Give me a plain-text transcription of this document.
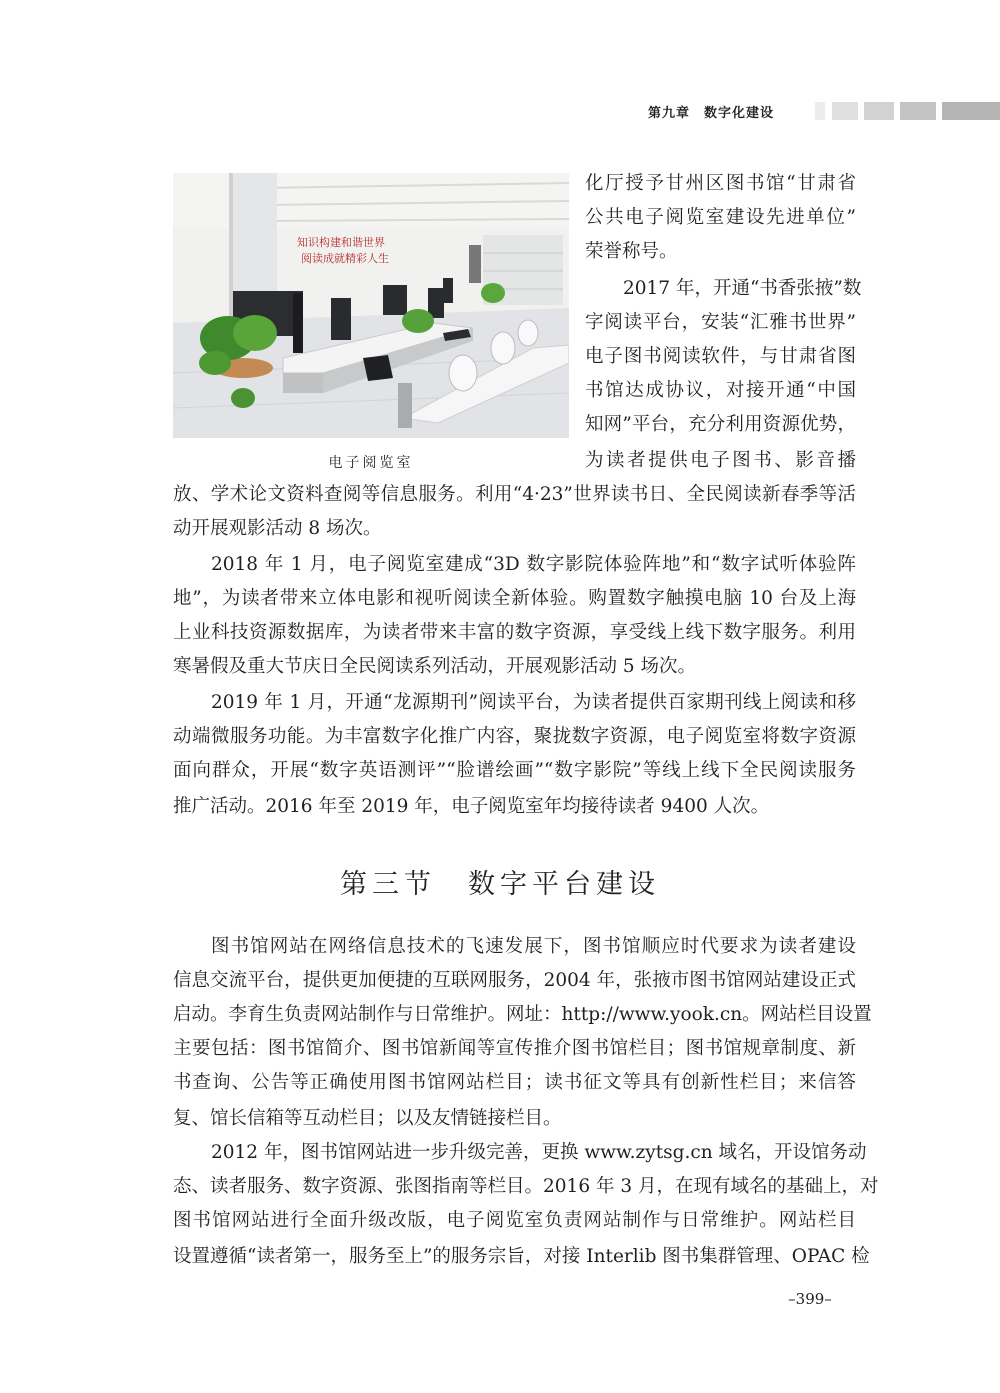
第九章　数字化建设
知识构建和谐世界
阅读成就精彩人生
电子阅览室
化厅授予甘州区图书馆“甘肃省
公共电子阅览室建设先进单位”
荣誉称号。
2017 年，开通“书香张掖”数
字阅读平台，安装“汇雅书世界”
电子图书阅读软件，与甘肃省图
书馆达成协议，对接开通“中国
知网”平台，充分利用资源优势，
为读者提供电子图书、影音播
放、学术论文资料查阅等信息服务。利用“4·23”世界读书日、全民阅读新春季等活
动开展观影活动 8 场次。
2018 年 1 月，电子阅览室建成“3D 数字影院体验阵地”和“数字试听体验阵
地”，为读者带来立体电影和视听阅读全新体验。购置数字触摸电脑 10 台及上海
上业科技资源数据库，为读者带来丰富的数字资源，享受线上线下数字服务。利用
寒暑假及重大节庆日全民阅读系列活动，开展观影活动 5 场次。
2019 年 1 月，开通“龙源期刊”阅读平台，为读者提供百家期刊线上阅读和移
动端微服务功能。为丰富数字化推广内容，聚拢数字资源，电子阅览室将数字资源
面向群众，开展“数字英语测评”“脸谱绘画”“数字影院”等线上线下全民阅读服务
推广活动。2016 年至 2019 年，电子阅览室年均接待读者 9400 人次。
第三节　数字平台建设
图书馆网站在网络信息技术的飞速发展下，图书馆顺应时代要求为读者建设
信息交流平台，提供更加便捷的互联网服务，2004 年，张掖市图书馆网站建设正式
启动。李育生负责网站制作与日常维护。网址：http://www.yook.cn。网站栏目设置
主要包括：图书馆简介、图书馆新闻等宣传推介图书馆栏目；图书馆规章制度、新
书查询、公告等正确使用图书馆网站栏目；读书征文等具有创新性栏目；来信答
复、馆长信箱等互动栏目；以及友情链接栏目。
2012 年，图书馆网站进一步升级完善，更换 www.zytsg.cn 域名，开设馆务动
态、读者服务、数字资源、张图指南等栏目。2016 年 3 月，在现有域名的基础上，对
图书馆网站进行全面升级改版，电子阅览室负责网站制作与日常维护。网站栏目
设置遵循“读者第一，服务至上”的服务宗旨，对接 Interlib 图书集群管理、OPAC 检
–399–
